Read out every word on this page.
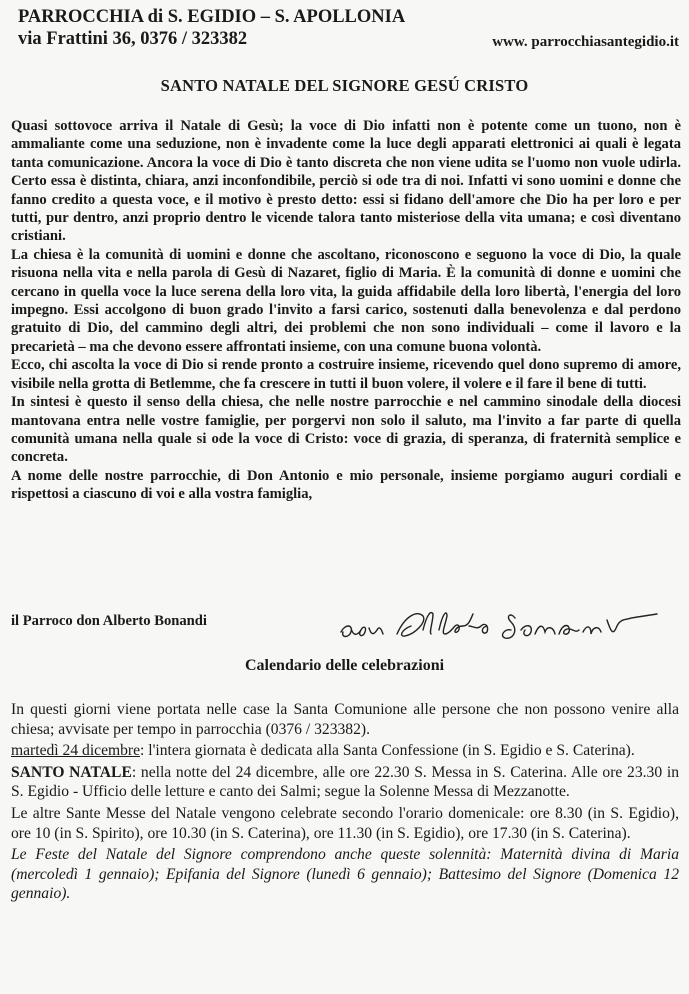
PARROCCHIA di S. EGIDIO – S. APOLLONIA
via Frattini 36, 0376 / 323382	www. parrocchiasantegidio.it
SANTO NATALE DEL SIGNORE GESÚ CRISTO

Quasi sottovoce arriva il Natale di Gesù; la voce di Dio infatti non è potente come un tuono, non è ammaliante come una seduzione, non è invadente come la luce degli apparati elettronici ai quali è legata tanta comunicazione. Ancora la voce di Dio è tanto discreta che non viene udita se l'uomo non vuole udirla. Certo essa è distinta, chiara, anzi inconfondibile, perciò si ode tra di noi. Infatti vi sono uomini e donne che fanno credito a questa voce, e il motivo è presto detto: essi si fidano dell'amore che Dio ha per loro e per tutti, pur dentro, anzi proprio dentro le vicende talora tanto misteriose della vita umana; e così diventano cristiani.

La chiesa è la comunità di uomini e donne che ascoltano, riconoscono e seguono la voce di Dio, la quale risuona nella vita e nella parola di Gesù di Nazaret, figlio di Maria. È la comunità di donne e uomini che cercano in quella voce la luce serena della loro vita, la guida affidabile della loro libertà, l'energia del loro impegno. Essi accolgono di buon grado l'invito a farsi carico, sostenuti dalla benevolenza e dal perdono gratuito di Dio, del cammino degli altri, dei problemi che non sono individuali – come il lavoro e la precarietà – ma che devono essere affrontati insieme, con una comune buona volontà.

Ecco, chi ascolta la voce di Dio si rende pronto a costruire insieme, ricevendo quel dono supremo di amore, visibile nella grotta di Betlemme, che fa crescere in tutti il buon volere, il volere e il fare il bene di tutti.

In sintesi è questo il senso della chiesa, che nelle nostre parrocchie e nel cammino sinodale della diocesi mantovana entra nelle vostre famiglie, per porgervi non solo il saluto, ma l'invito a far parte di quella comunità umana nella quale si ode la voce di Cristo: voce di grazia, di speranza, di fraternità semplice e concreta.

A nome delle nostre parrocchie, di Don Antonio e mio personale, insieme porgiamo auguri cordiali e rispettosi a ciascuno di voi e alla vostra famiglia,

il Parroco don Alberto Bonandi
Calendario delle celebrazioni

In questi giorni viene portata nelle case la Santa Comunione alle persone che non possono venire alla chiesa; avvisate per tempo in parrocchia (0376 / 323382).

martedì 24 dicembre: l'intera giornata è dedicata alla Santa Confessione (in S. Egidio e S. Caterina).

SANTO NATALE: nella notte del 24 dicembre, alle ore 22.30 S. Messa in S. Caterina. Alle ore 23.30 in S. Egidio - Ufficio delle letture e canto dei Salmi; segue la Solenne Messa di Mezzanotte.

Le altre Sante Messe del Natale vengono celebrate secondo l'orario domenicale: ore 8.30 (in S. Egidio), ore 10 (in S. Spirito), ore 10.30 (in S. Caterina), ore 11.30 (in S. Egidio), ore 17.30 (in S. Caterina).

Le Feste del Natale del Signore comprendono anche queste solennità: Maternità divina di Maria (mercoledì 1 gennaio); Epifania del Signore (lunedì 6 gennaio); Battesimo del Signore (Domenica 12 gennaio).
